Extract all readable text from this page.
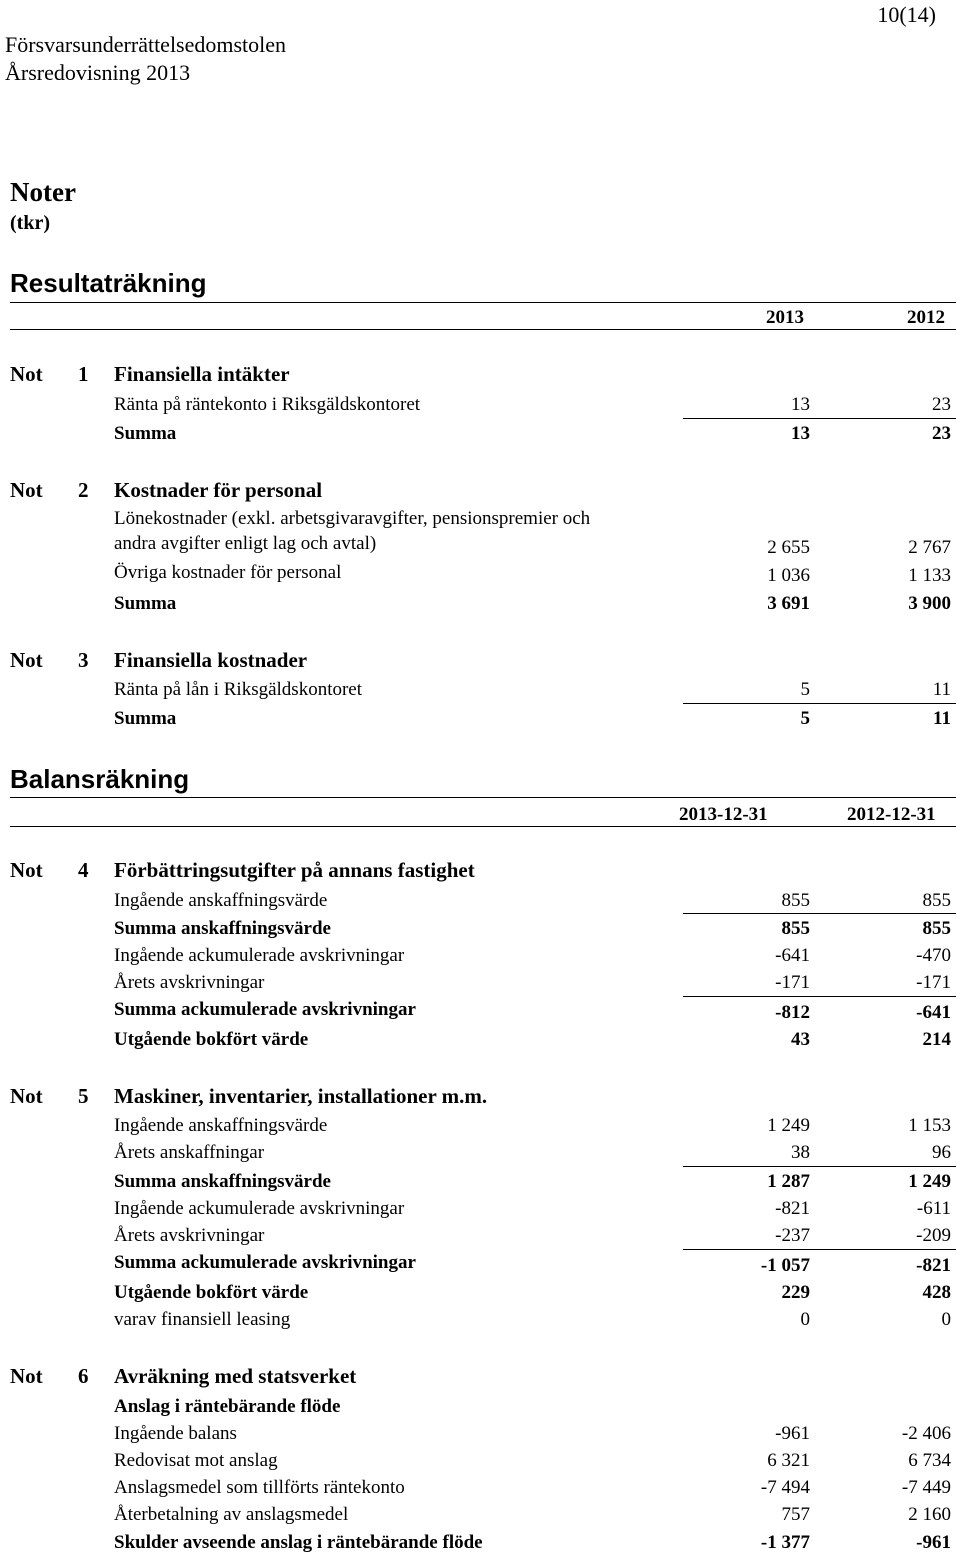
Försvarsunderrättelsedomstolen
Årsredovisning 2013
10(14)
Noter
(tkr)
Resultaträkning
2013	2012
Not 1 Finansiella intäkter
Ränta på räntekonto i Riksgäldskontoret	13	23
Summa	13	23
Not 2 Kostnader för personal
Lönekostnader (exkl. arbetsgivaravgifter, pensionspremier och
andra avgifter enligt lag och avtal)	2 655	2 767
Övriga kostnader för personal	1 036	1 133
Summa	3 691	3 900
Not 3 Finansiella kostnader
Ränta på lån i Riksgäldskontoret	5	11
Summa	5	11
Balansräkning
2013-12-31	2012-12-31
Not 4 Förbättringsutgifter på annans fastighet
Ingående anskaffningsvärde	855	855
Summa anskaffningsvärde	855	855
Ingående ackumulerade avskrivningar	-641	-470
Årets avskrivningar	-171	-171
Summa ackumulerade avskrivningar	-812	-641
Utgående bokfört värde	43	214
Not 5 Maskiner, inventarier, installationer m.m.
Ingående anskaffningsvärde	1 249	1 153
Årets anskaffningar	38	96
Summa anskaffningsvärde	1 287	1 249
Ingående ackumulerade avskrivningar	-821	-611
Årets avskrivningar	-237	-209
Summa ackumulerade avskrivningar	-1 057	-821
Utgående bokfört värde	229	428
varav finansiell leasing	0	0
Not 6 Avräkning med statsverket
Anslag i räntebärande flöde
Ingående balans	-961	-2 406
Redovisat mot anslag	6 321	6 734
Anslagsmedel som tillförts räntekonto	-7 494	-7 449
Återbetalning av anslagsmedel	757	2 160
Skulder avseende anslag i räntebärande flöde	-1 377	-961
